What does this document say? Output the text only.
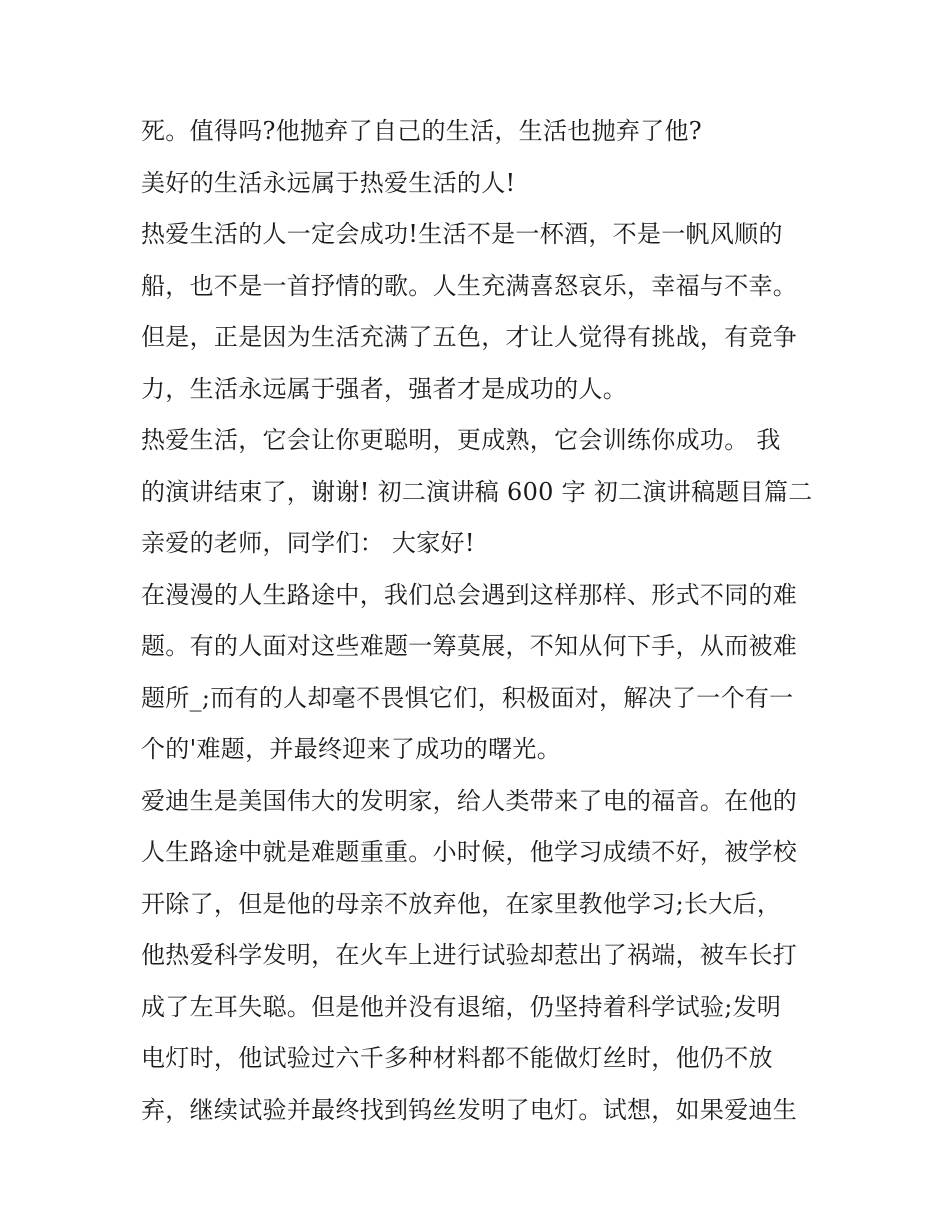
死。值得吗?他抛弃了自己的生活，生活也抛弃了他?
美好的生活永远属于热爱生活的人!
热爱生活的人一定会成功!生活不是一杯酒，不是一帆风顺的
船，也不是一首抒情的歌。人生充满喜怒哀乐，幸福与不幸。
但是，正是因为生活充满了五色，才让人觉得有挑战，有竞争
力，生活永远属于强者，强者才是成功的人。
热爱生活，它会让你更聪明，更成熟，它会训练你成功。 我
的演讲结束了，谢谢! 初二演讲稿 600 字 初二演讲稿题目篇二
亲爱的老师，同学们： 大家好!
在漫漫的人生路途中，我们总会遇到这样那样、形式不同的难
题。有的人面对这些难题一筹莫展，不知从何下手，从而被难
题所_;而有的人却毫不畏惧它们，积极面对，解决了一个有一
个的'难题，并最终迎来了成功的曙光。
爱迪生是美国伟大的发明家，给人类带来了电的福音。在他的
人生路途中就是难题重重。小时候，他学习成绩不好，被学校
开除了，但是他的母亲不放弃他，在家里教他学习;长大后，
他热爱科学发明，在火车上进行试验却惹出了祸端，被车长打
成了左耳失聪。但是他并没有退缩，仍坚持着科学试验;发明
电灯时，他试验过六千多种材料都不能做灯丝时，他仍不放
弃，继续试验并最终找到钨丝发明了电灯。试想，如果爱迪生
